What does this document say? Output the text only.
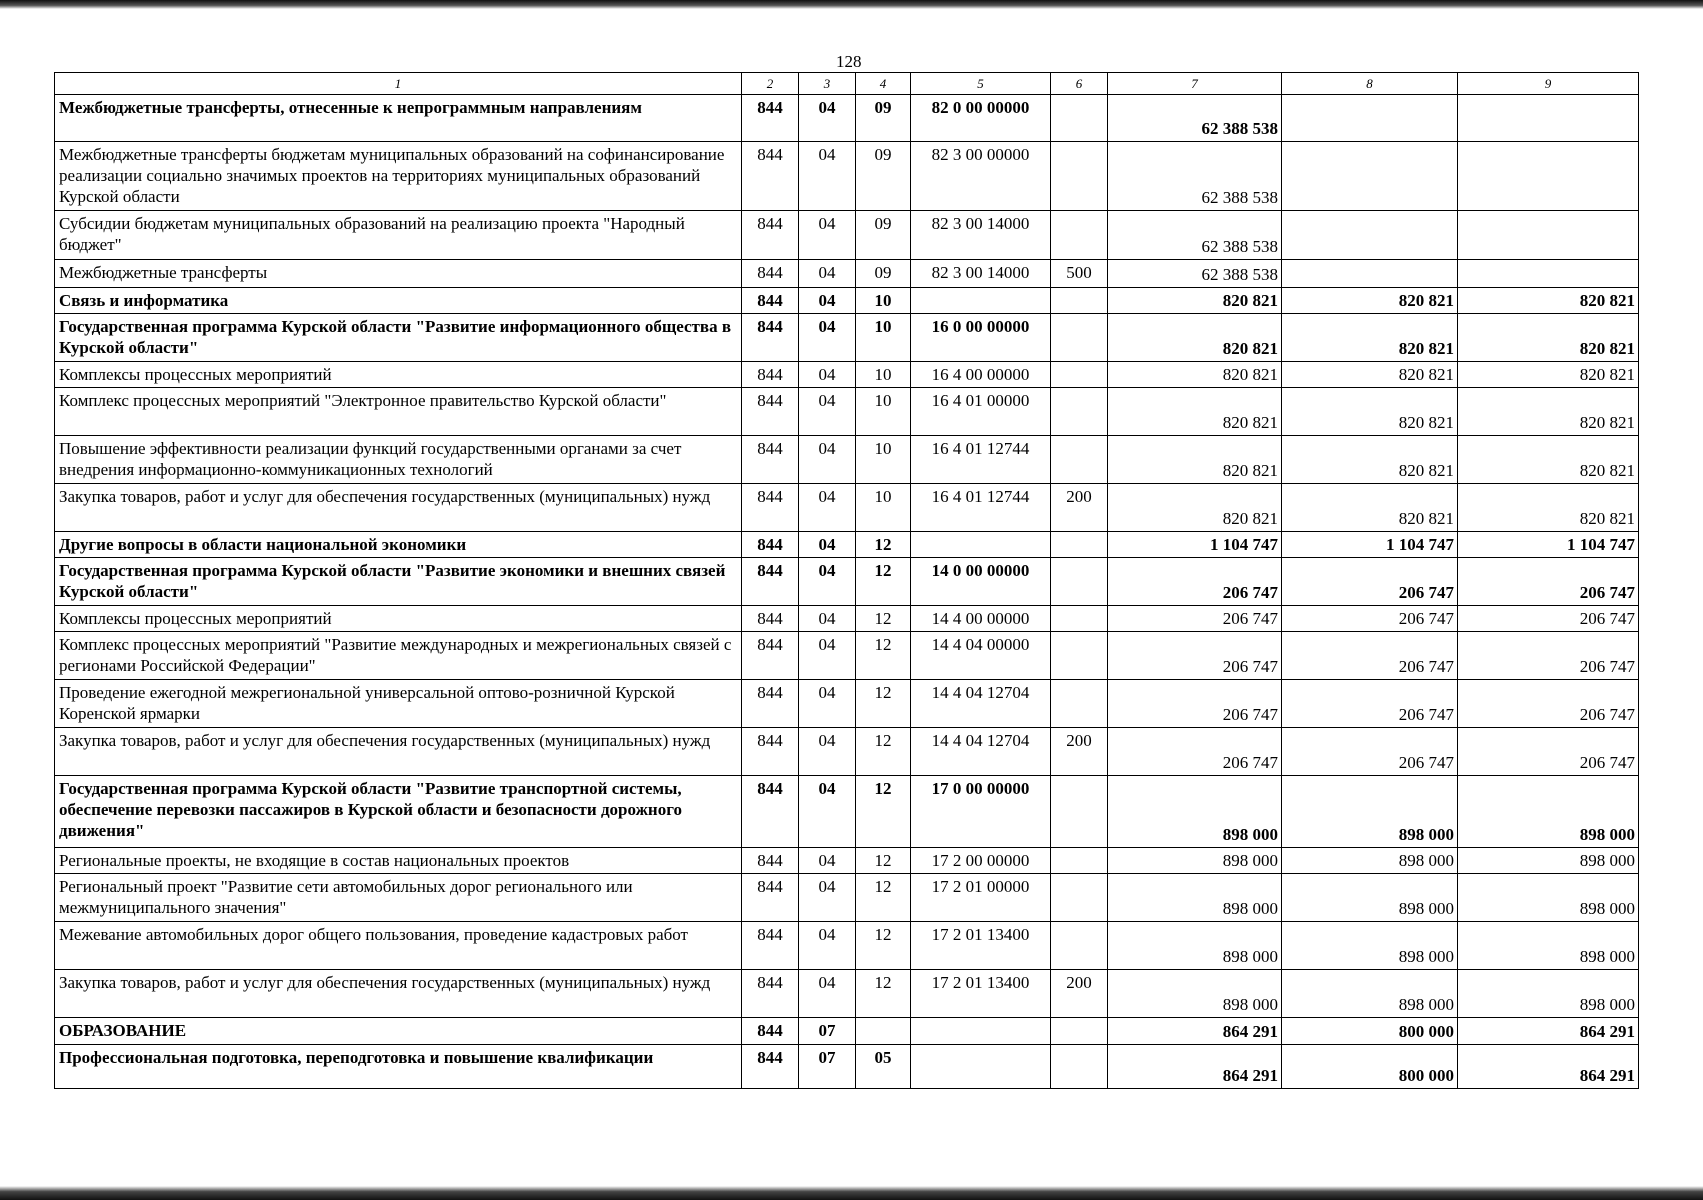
128
1	2	3	4	5	6	7	8	9
Межбюджетные трансферты, отнесенные к непрограммным направлениям	844	04	09	82 0 00 00000		62 388 538		
Межбюджетные трансферты бюджетам муниципальных образований на софинансирование реализации социально значимых проектов на территориях муниципальных образований Курской области	844	04	09	82 3 00 00000		62 388 538		
Субсидии бюджетам муниципальных образований на реализацию проекта "Народный бюджет"	844	04	09	82 3 00 14000		62 388 538		
Межбюджетные трансферты	844	04	09	82 3 00 14000	500	62 388 538		
Связь и информатика	844	04	10			820 821	820 821	820 821
Государственная программа Курской области "Развитие информационного общества в Курской области"	844	04	10	16 0 00 00000		820 821	820 821	820 821
Комплексы процессных мероприятий	844	04	10	16 4 00 00000		820 821	820 821	820 821
Комплекс процессных мероприятий "Электронное правительство Курской области"	844	04	10	16 4 01 00000		820 821	820 821	820 821
Повышение эффективности реализации функций государственными органами за счет внедрения информационно-коммуникационных технологий	844	04	10	16 4 01 12744		820 821	820 821	820 821
Закупка товаров, работ и услуг для обеспечения государственных (муниципальных) нужд	844	04	10	16 4 01 12744	200	820 821	820 821	820 821
Другие вопросы в области национальной экономики	844	04	12			1 104 747	1 104 747	1 104 747
Государственная программа Курской области "Развитие экономики и внешних связей Курской области"	844	04	12	14 0 00 00000		206 747	206 747	206 747
Комплексы процессных мероприятий	844	04	12	14 4 00 00000		206 747	206 747	206 747
Комплекс процессных мероприятий "Развитие международных и межрегиональных связей с регионами Российской Федерации"	844	04	12	14 4 04 00000		206 747	206 747	206 747
Проведение ежегодной межрегиональной универсальной оптово-розничной Курской Коренской ярмарки	844	04	12	14 4 04 12704		206 747	206 747	206 747
Закупка товаров, работ и услуг для обеспечения государственных (муниципальных) нужд	844	04	12	14 4 04 12704	200	206 747	206 747	206 747
Государственная программа Курской области "Развитие транспортной системы, обеспечение перевозки пассажиров в Курской области и безопасности дорожного движения"	844	04	12	17 0 00 00000		898 000	898 000	898 000
Региональные проекты, не входящие в состав национальных проектов	844	04	12	17 2 00 00000		898 000	898 000	898 000
Региональный проект "Развитие сети автомобильных дорог регионального или межмуниципального значения"	844	04	12	17 2 01 00000		898 000	898 000	898 000
Межевание автомобильных дорог общего пользования, проведение кадастровых работ	844	04	12	17 2 01 13400		898 000	898 000	898 000
Закупка товаров, работ и услуг для обеспечения государственных (муниципальных) нужд	844	04	12	17 2 01 13400	200	898 000	898 000	898 000
ОБРАЗОВАНИЕ	844	07				864 291	800 000	864 291
Профессиональная подготовка, переподготовка и повышение квалификации	844	07	05			864 291	800 000	864 291
